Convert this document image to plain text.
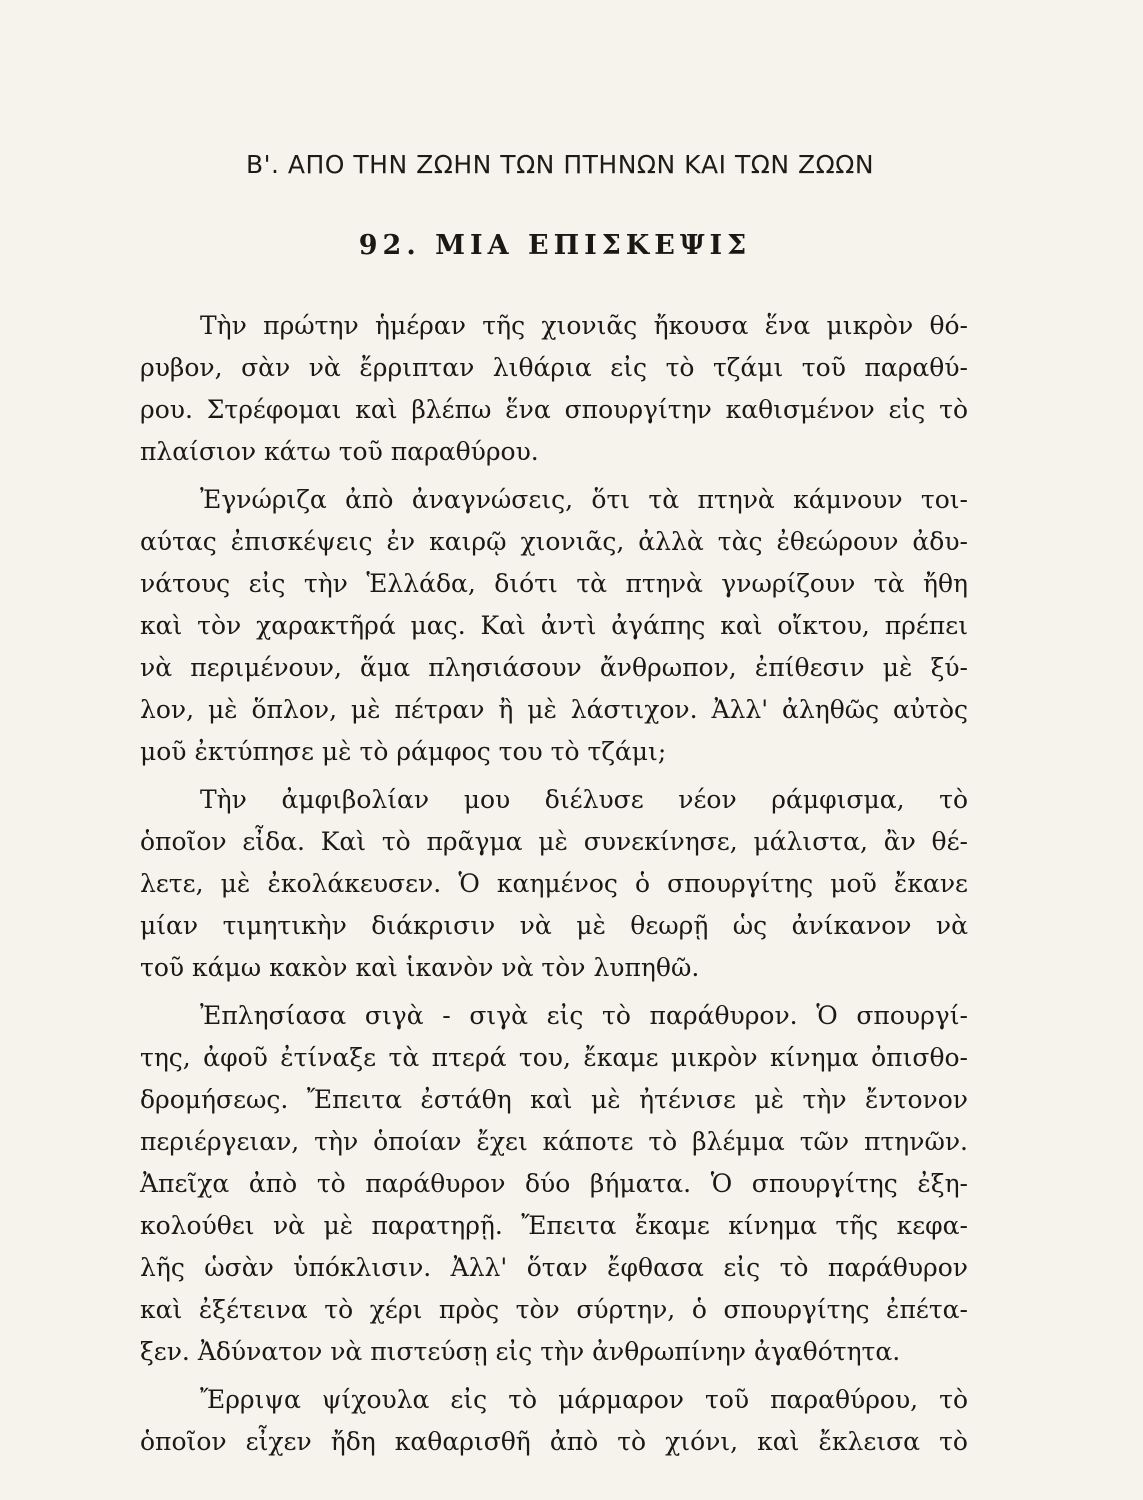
Β'. ΑΠΟ ΤΗΝ ΖΩΗΝ ΤΩΝ ΠΤΗΝΩΝ ΚΑΙ ΤΩΝ ΖΩΩΝ
92. ΜΙΑ ΕΠΙΣΚΕΨΙΣ
Τὴν πρώτην ἡμέραν τῆς χιονιᾶς ἤκουσα ἕνα μικρὸν θό-
ρυβον, σὰν νὰ ἔρριπταν λιθάρια εἰς τὸ τζάμι τοῦ παραθύ-
ρου. Στρέφομαι καὶ βλέπω ἕνα σπουργίτην καθισμένον εἰς τὸ
πλαίσιον κάτω τοῦ παραθύρου.
Ἐγνώριζα ἀπὸ ἀναγνώσεις, ὅτι τὰ πτηνὰ κάμνουν τοι-
αύτας ἐπισκέψεις ἐν καιρῷ χιονιᾶς, ἀλλὰ τὰς ἐθεώρουν ἀδυ-
νάτους εἰς τὴν Ἑλλάδα, διότι τὰ πτηνὰ γνωρίζουν τὰ ἤθη
καὶ τὸν χαρακτῆρά μας. Καὶ ἀντὶ ἀγάπης καὶ οἴκτου, πρέπει
νὰ περιμένουν, ἅμα πλησιάσουν ἄνθρωπον, ἐπίθεσιν μὲ ξύ-
λον, μὲ ὅπλον, μὲ πέτραν ἢ μὲ λάστιχον. Ἀλλ' ἀληθῶς αὐτὸς
μοῦ ἐκτύπησε μὲ τὸ ράμφος του τὸ τζάμι;
Τὴν ἀμφιβολίαν μου διέλυσε νέον ράμφισμα, τὸ
ὁποῖον εἶδα. Καὶ τὸ πρᾶγμα μὲ συνεκίνησε, μάλιστα, ἂν θέ-
λετε, μὲ ἐκολάκευσεν. Ὁ καημένος ὁ σπουργίτης μοῦ ἔκανε
μίαν τιμητικὴν διάκρισιν νὰ μὲ θεωρῇ ὡς ἀνίκανον νὰ
τοῦ κάμω κακὸν καὶ ἱκανὸν νὰ τὸν λυπηθῶ.
Ἐπλησίασα σιγὰ - σιγὰ εἰς τὸ παράθυρον. Ὁ σπουργί-
της, ἀφοῦ ἐτίναξε τὰ πτερά του, ἔκαμε μικρὸν κίνημα ὀπισθο-
δρομήσεως. Ἔπειτα ἐστάθη καὶ μὲ ἠτένισε μὲ τὴν ἔντονον
περιέργειαν, τὴν ὁποίαν ἔχει κάποτε τὸ βλέμμα τῶν πτηνῶν.
Ἀπεῖχα ἀπὸ τὸ παράθυρον δύο βήματα. Ὁ σπουργίτης ἐξη-
κολούθει νὰ μὲ παρατηρῇ. Ἔπειτα ἔκαμε κίνημα τῆς κεφα-
λῆς ὡσὰν ὑπόκλισιν. Ἀλλ' ὅταν ἔφθασα εἰς τὸ παράθυρον
καὶ ἐξέτεινα τὸ χέρι πρὸς τὸν σύρτην, ὁ σπουργίτης ἐπέτα-
ξεν. Ἀδύνατον νὰ πιστεύσῃ εἰς τὴν ἀνθρωπίνην ἀγαθότητα.
Ἔρριψα ψίχουλα εἰς τὸ μάρμαρον τοῦ παραθύρου, τὸ
ὁποῖον εἶχεν ἤδη καθαρισθῆ ἀπὸ τὸ χιόνι, καὶ ἔκλεισα τὸ
